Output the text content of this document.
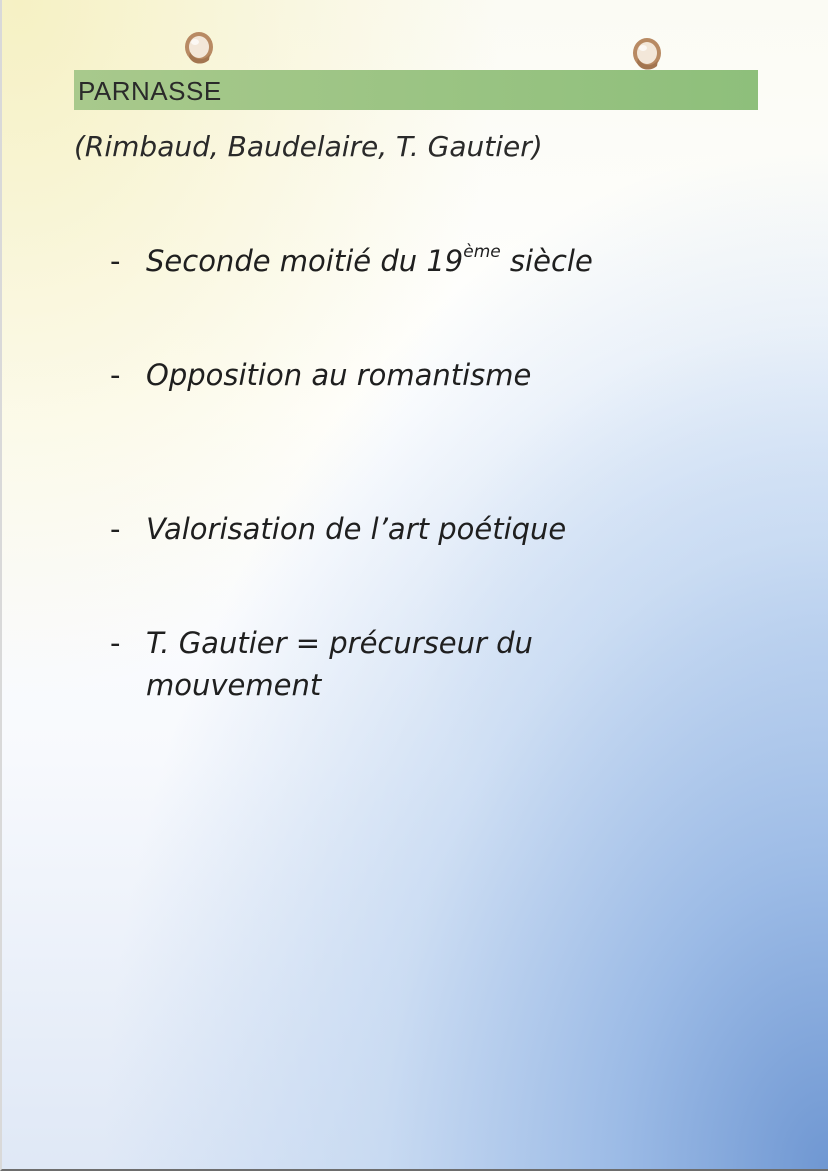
PARNASSE
(Rimbaud, Baudelaire, T. Gautier)
- Seconde moitié du 19ème siècle
- Opposition au romantisme
- Valorisation de l’art poétique
- T. Gautier = précurseur du
mouvement
